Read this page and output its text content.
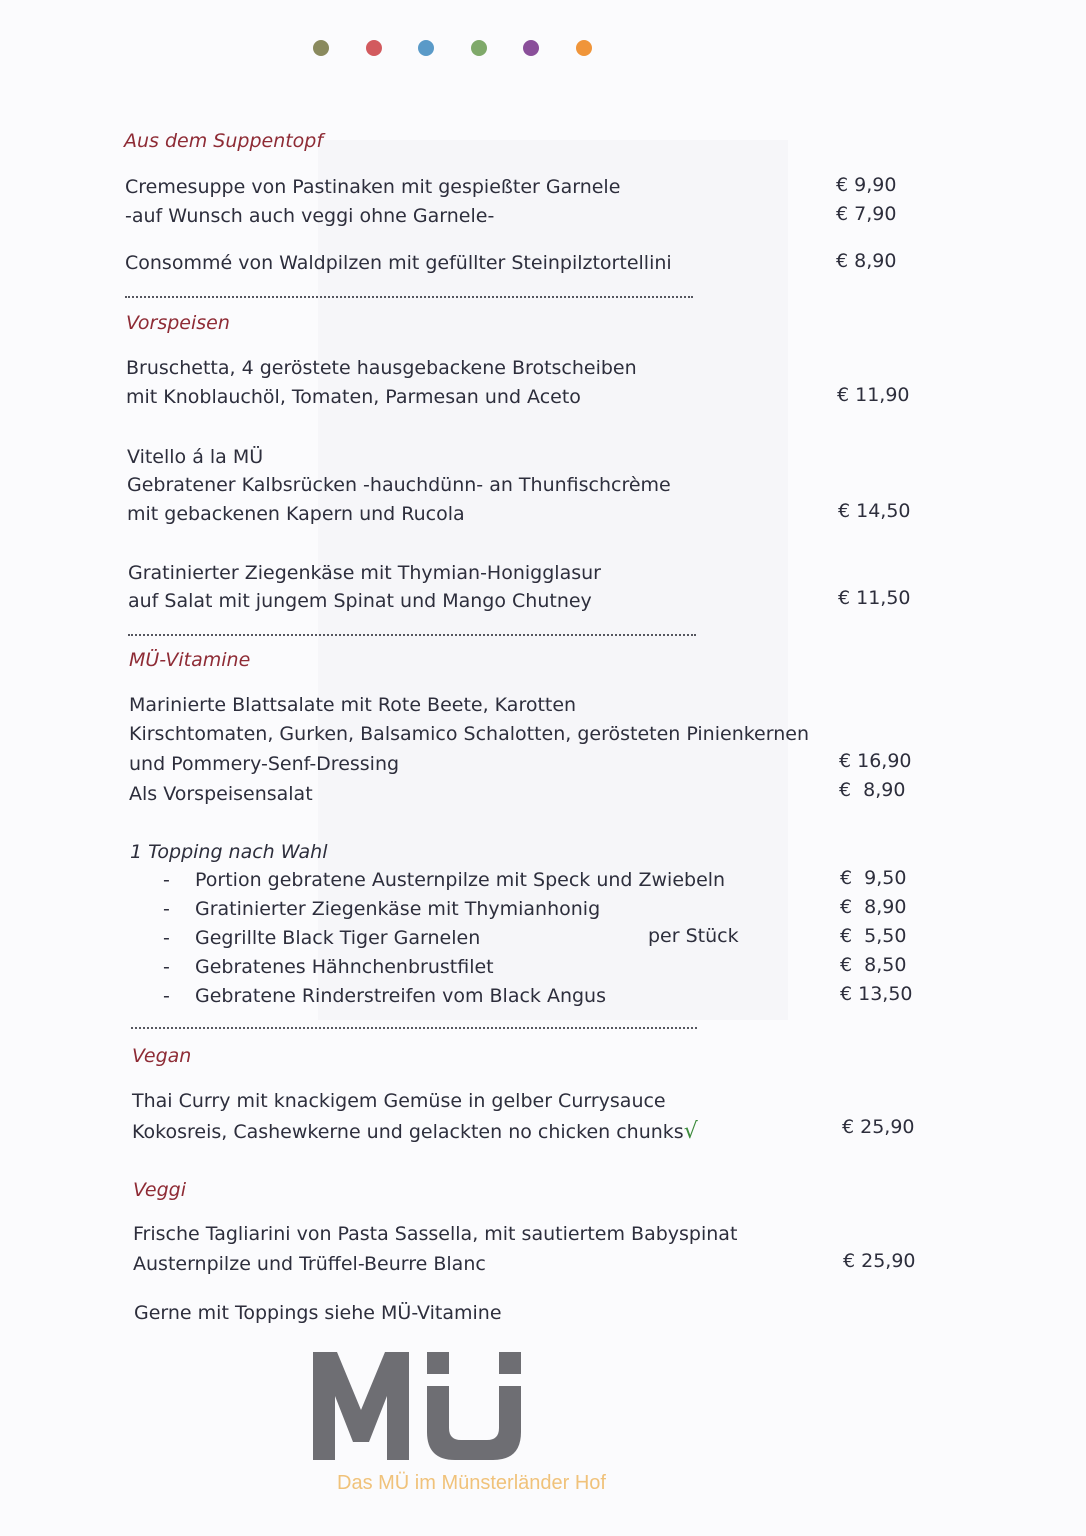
Aus dem Suppentopf
Cremesuppe von Pastinaken mit gespießter Garnele	€ 9,90
-auf Wunsch auch veggi ohne Garnele-	€ 7,90
Consommé von Waldpilzen mit gefüllter Steinpilztortellini	€ 8,90
Vorspeisen
Bruschetta, 4 geröstete hausgebackene Brotscheiben
mit Knoblauchöl, Tomaten, Parmesan und Aceto	€ 11,90
Vitello á la MÜ
Gebratener Kalbsrücken -hauchdünn- an Thunfischcrème
mit gebackenen Kapern und Rucola	€ 14,50
Gratinierter Ziegenkäse mit Thymian-Honigglasur
auf Salat mit jungem Spinat und Mango Chutney	€ 11,50
MÜ-Vitamine
Marinierte Blattsalate mit Rote Beete, Karotten
Kirschtomaten, Gurken, Balsamico Schalotten, gerösteten Pinienkernen
und Pommery-Senf-Dressing	€ 16,90
Als Vorspeisensalat	€  8,90
1 Topping nach Wahl
- Portion gebratene Austernpilze mit Speck und Zwiebeln	€  9,50
- Gratinierter Ziegenkäse mit Thymianhonig	€  8,90
- Gegrillte Black Tiger Garnelen	per Stück	€  5,50
- Gebratenes Hähnchenbrustfilet	€  8,50
- Gebratene Rinderstreifen vom Black Angus	€ 13,50
Vegan
Thai Curry mit knackigem Gemüse in gelber Currysauce
Kokosreis, Cashewkerne und gelackten no chicken chunks√	€ 25,90
Veggi
Frische Tagliarini von Pasta Sassella, mit sautiertem Babyspinat
Austernpilze und Trüffel-Beurre Blanc	€ 25,90
Gerne mit Toppings siehe MÜ-Vitamine
Das MÜ im Münsterländer Hof
